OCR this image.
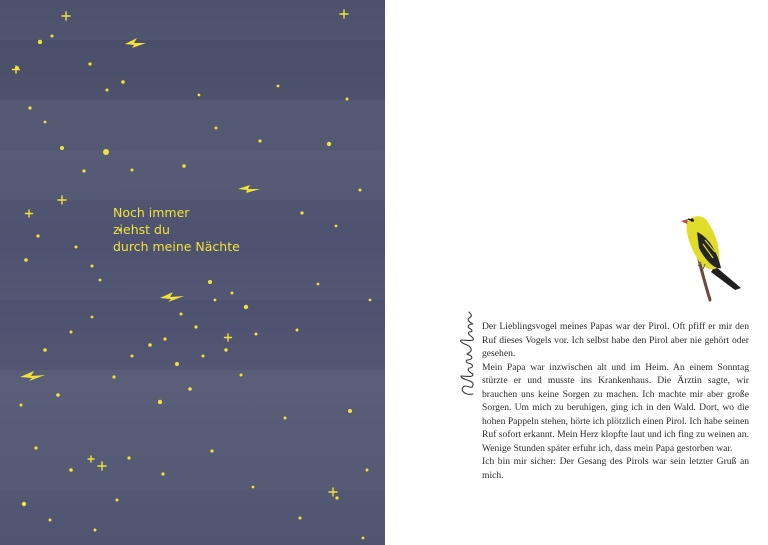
Noch immer
ziehst du
durch meine Nächte

Der Lieblingsvogel meines Papas war der Pirol. Oft pfiff er mir den Ruf dieses Vogels vor. Ich selbst habe den Pirol aber nie gehört oder gesehen.

Mein Papa war inzwischen alt und im Heim. An einem Sonntag stürzte er und musste ins Krankenhaus. Die Ärztin sagte, wir brauchen uns keine Sorgen zu machen. Ich machte mir aber große Sorgen. Um mich zu beruhigen, ging ich in den Wald. Dort, wo die hohen Pappeln stehen, hörte ich plötzlich einen Pirol. Ich habe seinen Ruf sofort erkannt. Mein Herz klopfte laut und ich fing zu weinen an. Wenige Stunden später erfuhr ich, dass mein Papa gestorben war.

Ich bin mir sicher: Der Gesang des Pirols war sein letzter Gruß an mich.
